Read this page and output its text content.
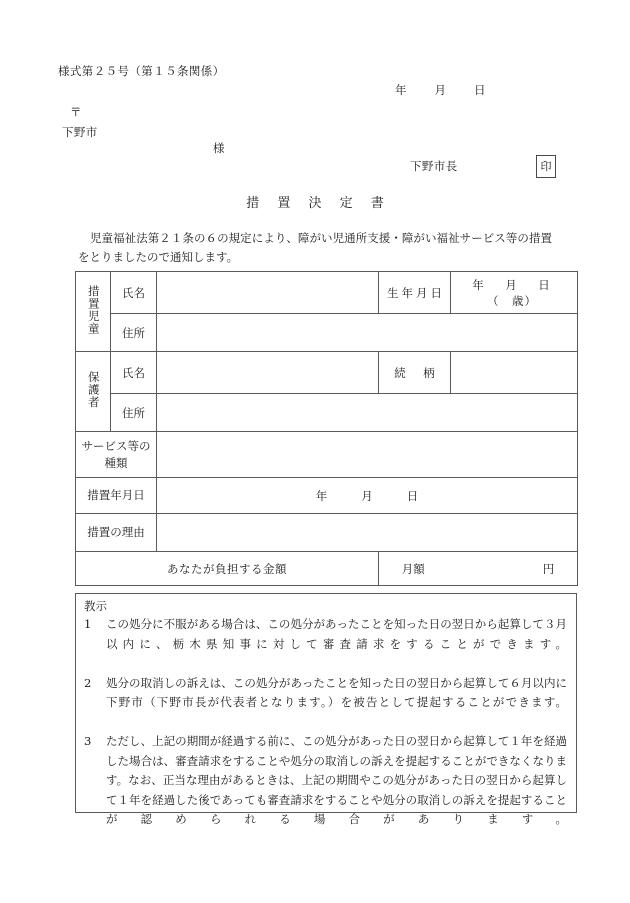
様式第２５号（第１５条関係）
年 月 日
〒
下野市
様
下野市長	印
措 置 決 定 書
児童福祉法第２１条の６の規定により、障がい児通所支援・障がい福祉サービス等の措置をとりましたので通知します。
措置児童	氏名		生年月日	年　月　日
（　歳）

	住所			
保護者	氏名		続　柄	
	住所			

サービス等の
種類				

措置年月日		年 月 日		
措置の理由				
あなたが負担する金額			月額 円	
教示
1	この処分に不服がある場合は、この処分があったことを知った日の翌日から起算して３月以内に、栃木県知事に対して審査請求をすることができます。
2	処分の取消しの訴えは、この処分があったことを知った日の翌日から起算して６月以内に下野市（下野市長が代表者となります。）を被告として提起することができます。
3	ただし、上記の期間が経過する前に、この処分があった日の翌日から起算して１年を経過した場合は、審査請求をすることや処分の取消しの訴えを提起することができなくなります。なお、正当な理由があるときは、上記の期間やこの処分があった日の翌日から起算して１年を経過した後であっても審査請求をすることや処分の取消しの訴えを提起することが認められる場合があります。
